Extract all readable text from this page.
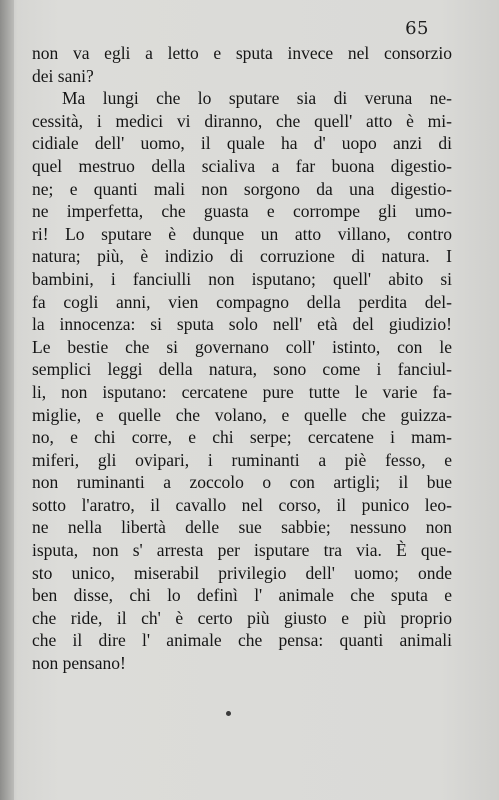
65
non va egli a letto e sputa invece nel consorzio
dei sani?
Ma lungi che lo sputare sia di veruna ne-
cessità, i medici vi diranno, che quell' atto è mi-
cidiale dell' uomo, il quale ha d' uopo anzi di
quel mestruo della scialiva a far buona digestio-
ne; e quanti mali non sorgono da una digestio-
ne imperfetta, che guasta e corrompe gli umo-
ri! Lo sputare è dunque un atto villano, contro
natura; più, è indizio di corruzione di natura. I
bambini, i fanciulli non isputano; quell' abito si
fa cogli anni, vien compagno della perdita del-
la innocenza: si sputa solo nell' età del giudizio!
Le bestie che si governano coll' istinto, con le
semplici leggi della natura, sono come i fanciul-
li, non isputano: cercatene pure tutte le varie fa-
miglie, e quelle che volano, e quelle che guizza-
no, e chi corre, e chi serpe; cercatene i mam-
miferi, gli ovipari, i ruminanti a piè fesso, e
non ruminanti a zoccolo o con artigli; il bue
sotto l'aratro, il cavallo nel corso, il punico leo-
ne nella libertà delle sue sabbie; nessuno non
isputa, non s' arresta per isputare tra via. È que-
sto unico, miserabil privilegio dell' uomo; onde
ben disse, chi lo definì l' animale che sputa e
che ride, il ch' è certo più giusto e più proprio
che il dire l' animale che pensa: quanti animali
non pensano!
